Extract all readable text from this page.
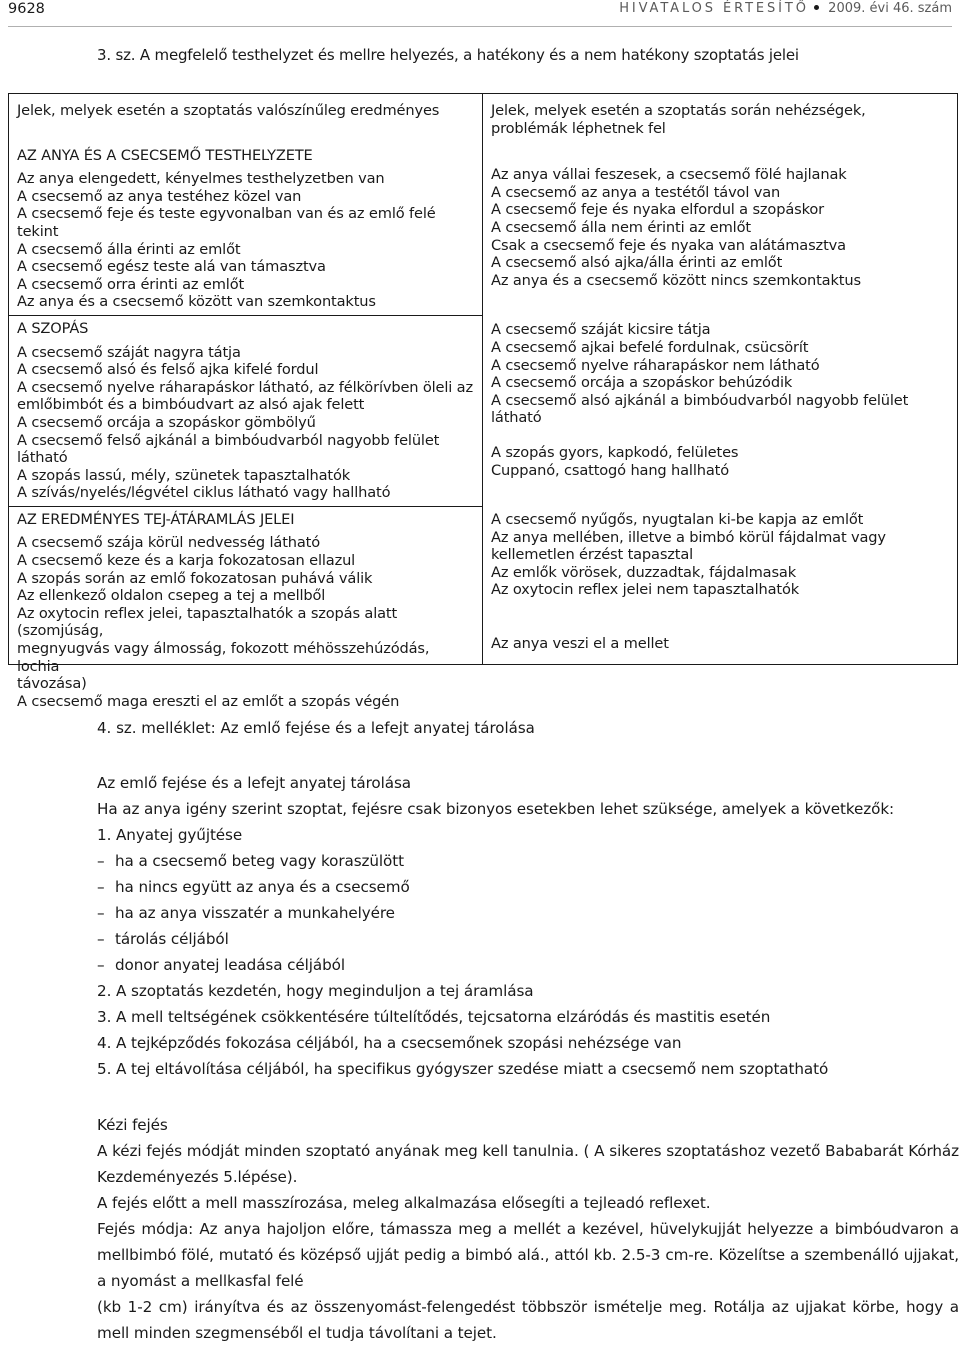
9628	HIVATALOS ÉRTESÍTŐ 2009. évi 46. szám
3. sz. A megfelelő testhelyzet és mellre helyezés, a hatékony és a nem hatékony szoptatás jelei
Jelek, melyek esetén a szoptatás valószínűleg eredményes
AZ ANYA ÉS A CSECSEMŐ TESTHELYZETE
Az anya elengedett, kényelmes testhelyzetben van
A csecsemő az anya testéhez közel van
A csecsemő feje és teste egyvonalban van és az emlő felé tekint
A csecsemő álla érinti az emlőt
A csecsemő egész teste alá van támasztva
A csecsemő orra érinti az emlőt
Az anya és a csecsemő között van szemkontaktus
A SZOPÁS
A csecsemő száját nagyra tátja
A csecsemő alsó és felső ajka kifelé fordul
A csecsemő nyelve ráharapáskor látható, az félkörívben öleli az
emlőbimbót és a bimbóudvart az alsó ajak felett
A csecsemő orcája a szopáskor gömbölyű
A csecsemő felső ajkánál a bimbóudvarból nagyobb felület
látható
A szopás lassú, mély, szünetek tapasztalhatók
A szívás/nyelés/légvétel ciklus látható vagy hallható
AZ EREDMÉNYES TEJ-ÁTÁRAMLÁS JELEI
A csecsemő szája körül nedvesség látható
A csecsemő keze és a karja fokozatosan ellazul
A szopás során az emlő fokozatosan puhává válik
Az ellenkező oldalon csepeg a tej a mellből
Az oxytocin reflex jelei, tapasztalhatók a szopás alatt (szomjúság,
megnyugvás vagy álmosság, fokozott méhösszehúzódás, lochia
távozása)
A csecsemő maga ereszti el az emlőt a szopás végén
Jelek, melyek esetén a szoptatás során nehézségek,
problémák léphetnek fel
Az anya vállai feszesek, a csecsemő fölé hajlanak
A csecsemő az anya a testétől távol van
A csecsemő feje és nyaka elfordul a szopáskor
A csecsemő álla nem érinti az emlőt
Csak a csecsemő feje és nyaka van alátámasztva
A csecsemő alsó ajka/álla érinti az emlőt
Az anya és a csecsemő között nincs szemkontaktus
A csecsemő száját kicsire tátja
A csecsemő ajkai befelé fordulnak, csücsörít
A csecsemő nyelve ráharapáskor nem látható
A csecsemő orcája a szopáskor behúzódik
A csecsemő alsó ajkánál a bimbóudvarból nagyobb felület
látható
A szopás gyors, kapkodó, felületes
Cuppanó, csattogó hang hallható
A csecsemő nyűgős, nyugtalan ki-be kapja az emlőt
Az anya mellében, illetve a bimbó körül fájdalmat vagy
kellemetlen érzést tapasztal
Az emlők vörösek, duzzadtak, fájdalmasak
Az oxytocin reflex jelei nem tapasztalhatók
Az anya veszi el a mellet
4. sz. melléklet: Az emlő fejése és a lefejt anyatej tárolása
Az emlő fejése és a lefejt anyatej tárolása
Ha az anya igény szerint szoptat, fejésre csak bizonyos esetekben lehet szüksége, amelyek a következők:
1. Anyatej gyűjtése
– ha a csecsemő beteg vagy koraszülött
– ha nincs együtt az anya és a csecsemő
– ha az anya visszatér a munkahelyére
– tárolás céljából
– donor anyatej leadása céljából
2. A szoptatás kezdetén, hogy meginduljon a tej áramlása
3. A mell teltségének csökkentésére túltelítődés, tejcsatorna elzáródás és mastitis esetén
4. A tejképződés fokozása céljából, ha a csecsemőnek szopási nehézsége van
5. A tej eltávolítása céljából, ha specifikus gyógyszer szedése miatt a csecsemő nem szoptatható
Kézi fejés
A kézi fejés módját minden szoptató anyának meg kell tanulnia. ( A sikeres szoptatáshoz vezető Bababarát Kórház Kezdeményezés 5.lépése).
A fejés előtt a mell masszírozása, meleg alkalmazása elősegíti a tejleadó reflexet.
Fejés módja: Az anya hajoljon előre, támassza meg a mellét a kezével, hüvelykujját helyezze a bimbóudvaron a mellbimbó fölé, mutató és középső ujját pedig a bimbó alá., attól kb. 2.5-3 cm-re. Közelítse a szembenálló ujjakat, a nyomást a mellkasfal felé
(kb 1-2 cm) irányítva és az összenyomást-felengedést többször ismételje meg. Rotálja az ujjakat körbe, hogy a mell minden szegmenséből el tudja távolítani a tejet.
